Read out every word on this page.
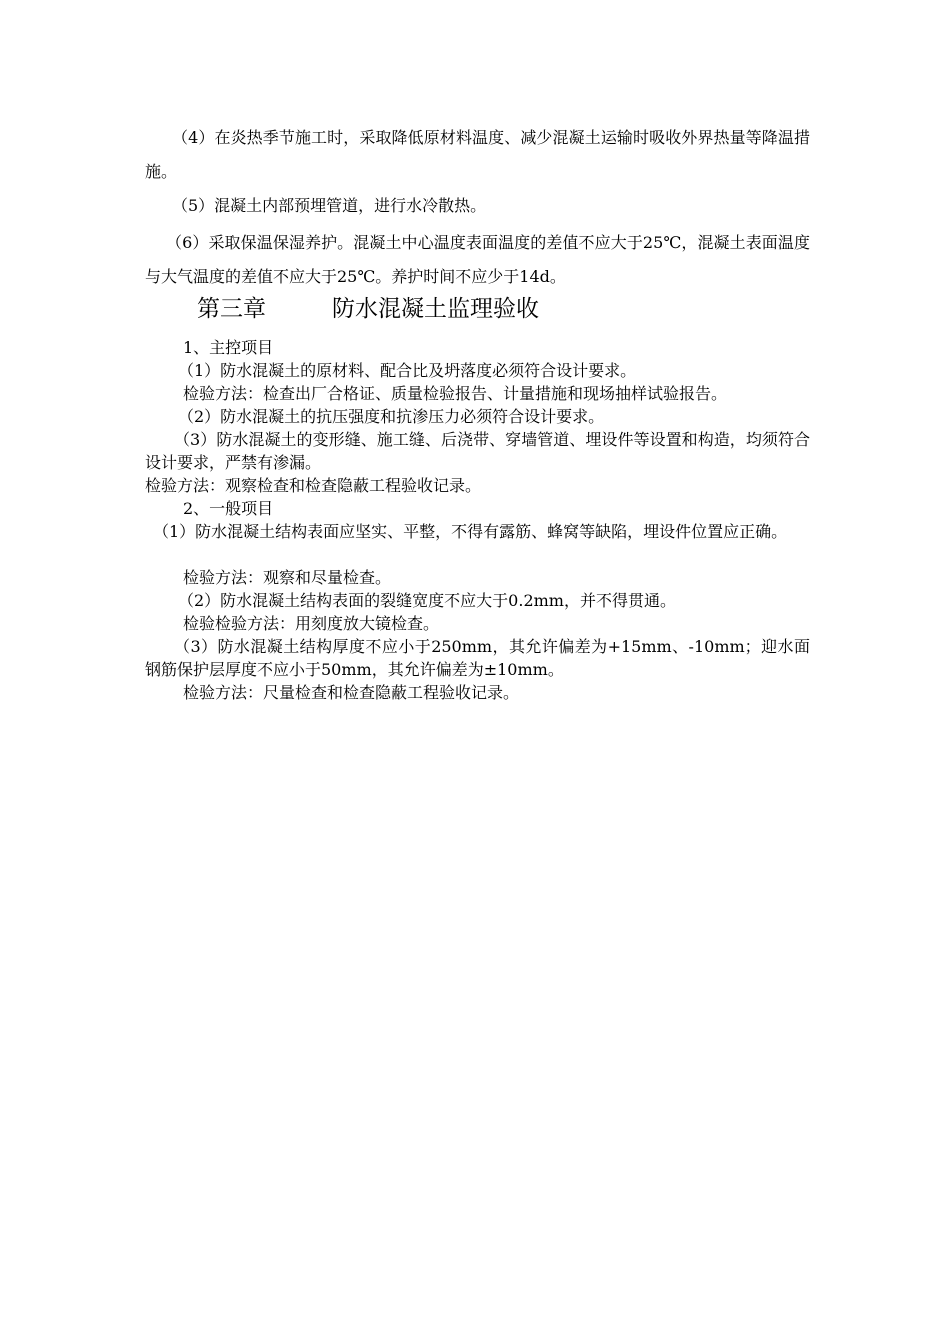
（4）在炎热季节施工时，采取降低原材料温度、减少混凝土运输时吸收外界热量等降温措施。

（5）混凝土内部预埋管道，进行水冷散热。

（6）采取保温保湿养护。混凝土中心温度表面温度的差值不应大于25℃，混凝土表面温度与大气温度的差值不应大于25℃。养护时间不应少于14d。

第三章	防水混凝土监理验收

1、主控项目

（1）防水混凝土的原材料、配合比及坍落度必须符合设计要求。

检验方法：检查出厂合格证、质量检验报告、计量措施和现场抽样试验报告。

（2）防水混凝土的抗压强度和抗渗压力必须符合设计要求。

（3）防水混凝土的变形缝、施工缝、后浇带、穿墙管道、埋设件等设置和构造，均须符合设计要求，严禁有渗漏。

检验方法：观察检查和检查隐蔽工程验收记录。

2、一般项目

（1）防水混凝土结构表面应坚实、平整，不得有露筋、蜂窝等缺陷，埋设件位置应正确。

检验方法：观察和尽量检查。

（2）防水混凝土结构表面的裂缝宽度不应大于0.2mm，并不得贯通。

检验检验方法：用刻度放大镜检查。

（3）防水混凝土结构厚度不应小于250mm，其允许偏差为+15mm、-10mm；迎水面钢筋保护层厚度不应小于50mm，其允许偏差为±10mm。

检验方法：尺量检查和检查隐蔽工程验收记录。
